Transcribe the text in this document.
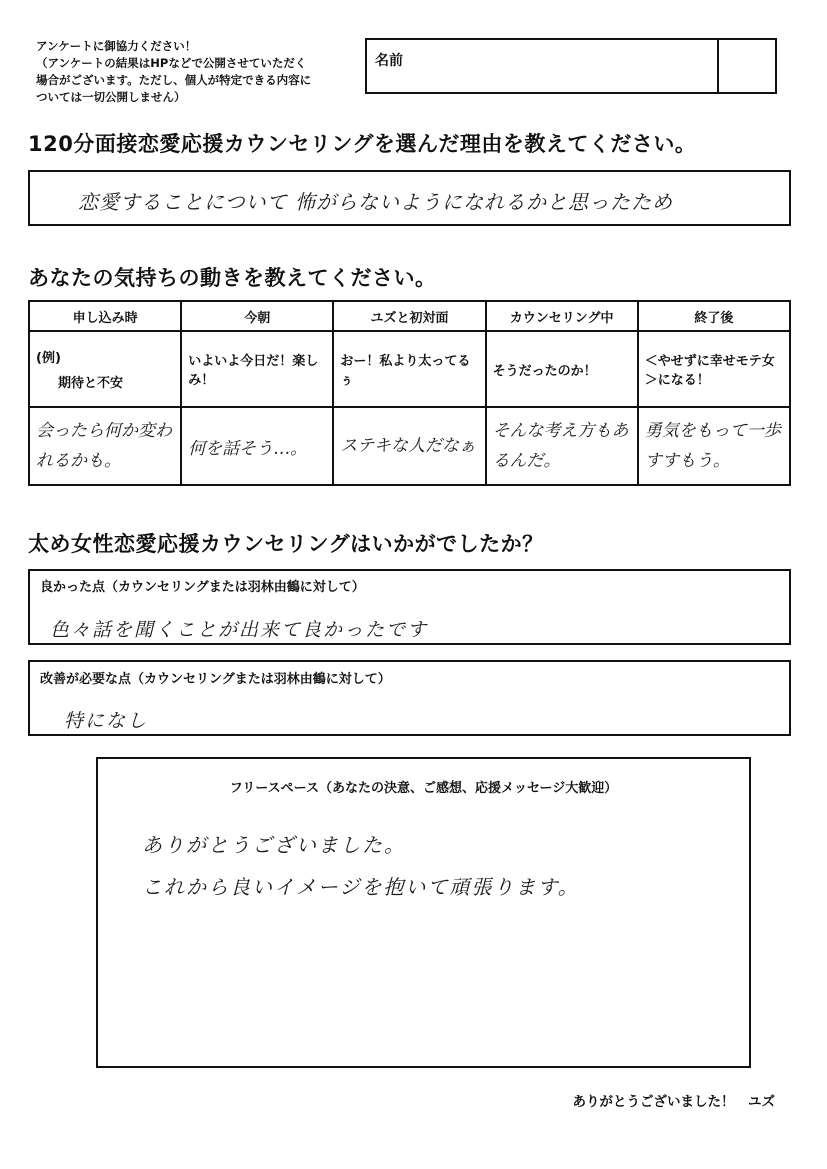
アンケートに御協力ください！
（アンケートの結果はHPなどで公開させていただく
場合がございます。ただし、個人が特定できる内容に
ついては一切公開しません）
名前
120分面接恋愛応援カウンセリングを選んだ理由を教えてください。
恋愛することについて 怖がらないようになれるかと思ったため
あなたの気持ちの動きを教えてください。
申し込み時	今朝	ユズと初対面	カウンセリング中	終了後

(例)
期待と不安	いよいよ今日だ！楽しみ！	おー！私より太ってるぅ	そうだったのか！	＜やせずに幸せモテ女＞になる！

会ったら何か変われるかも。	何を話そう…。	ステキな人だなぁ	そんな考え方もあるんだ。	勇気をもって一歩すすもう。
太め女性恋愛応援カウンセリングはいかがでしたか？
良かった点（カウンセリングまたは羽林由鶴に対して）
色々話を聞くことが出来て良かったです
改善が必要な点（カウンセリングまたは羽林由鶴に対して）
特になし
フリースペース（あなたの決意、ご感想、応援メッセージ大歓迎）
ありがとうございました。
これから良いイメージを抱いて頑張ります。
ありがとうございました！　ユズ
